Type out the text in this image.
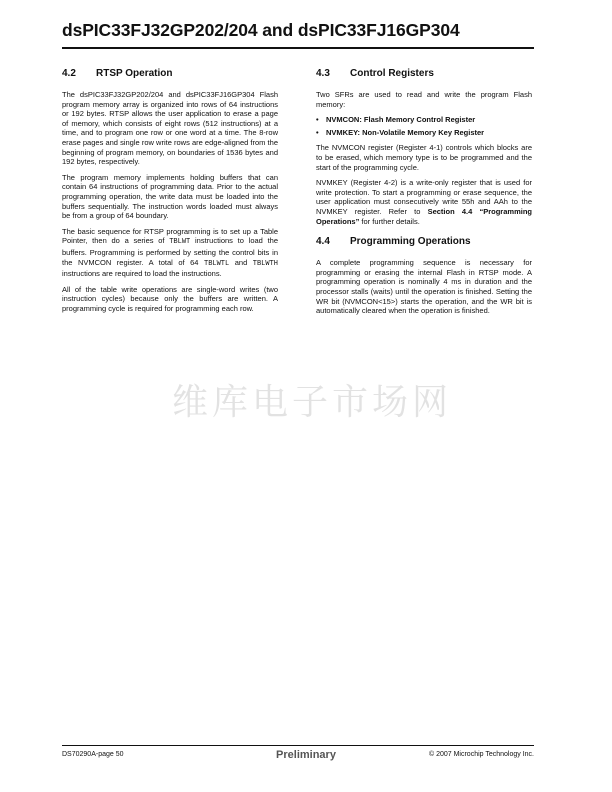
dsPIC33FJ32GP202/204 and dsPIC33FJ16GP304
4.2	RTSP Operation

The dsPIC33FJ32GP202/204 and dsPIC33FJ16GP304 Flash program memory array is organized into rows of 64 instructions or 192 bytes. RTSP allows the user application to erase a page of memory, which consists of eight rows (512 instructions) at a time, and to program one row or one word at a time. The 8-row erase pages and single row write rows are edge-aligned from the beginning of program memory, on boundaries of 1536 bytes and 192 bytes, respectively.

The program memory implements holding buffers that can contain 64 instructions of programming data. Prior to the actual programming operation, the write data must be loaded into the buffers sequentially. The instruction words loaded must always be from a group of 64 boundary.

The basic sequence for RTSP programming is to set up a Table Pointer, then do a series of TBLWT instructions to load the buffers. Programming is performed by setting the control bits in the NVMCON register. A total of 64 TBLWTL and TBLWTH instructions are required to load the instructions.

All of the table write operations are single-word writes (two instruction cycles) because only the buffers are written. A programming cycle is required for programming each row.

4.3	Control Registers

Two SFRs are used to read and write the program Flash memory:

• NVMCON: Flash Memory Control Register
• NVMKEY: Non-Volatile Memory Key Register

The NVMCON register (Register 4-1) controls which blocks are to be erased, which memory type is to be programmed and the start of the programming cycle.

NVMKEY (Register 4-2) is a write-only register that is used for write protection. To start a programming or erase sequence, the user application must consecutively write 55h and AAh to the NVMKEY register. Refer to Section 4.4 “Programming Operations” for further details.

4.4	Programming Operations

A complete programming sequence is necessary for programming or erasing the internal Flash in RTSP mode. A programming operation is nominally 4 ms in duration and the processor stalls (waits) until the operation is finished. Setting the WR bit (NVMCON<15>) starts the operation, and the WR bit is automatically cleared when the operation is finished.

维库电子市场网
DS70290A-page 50	Preliminary	© 2007 Microchip Technology Inc.
